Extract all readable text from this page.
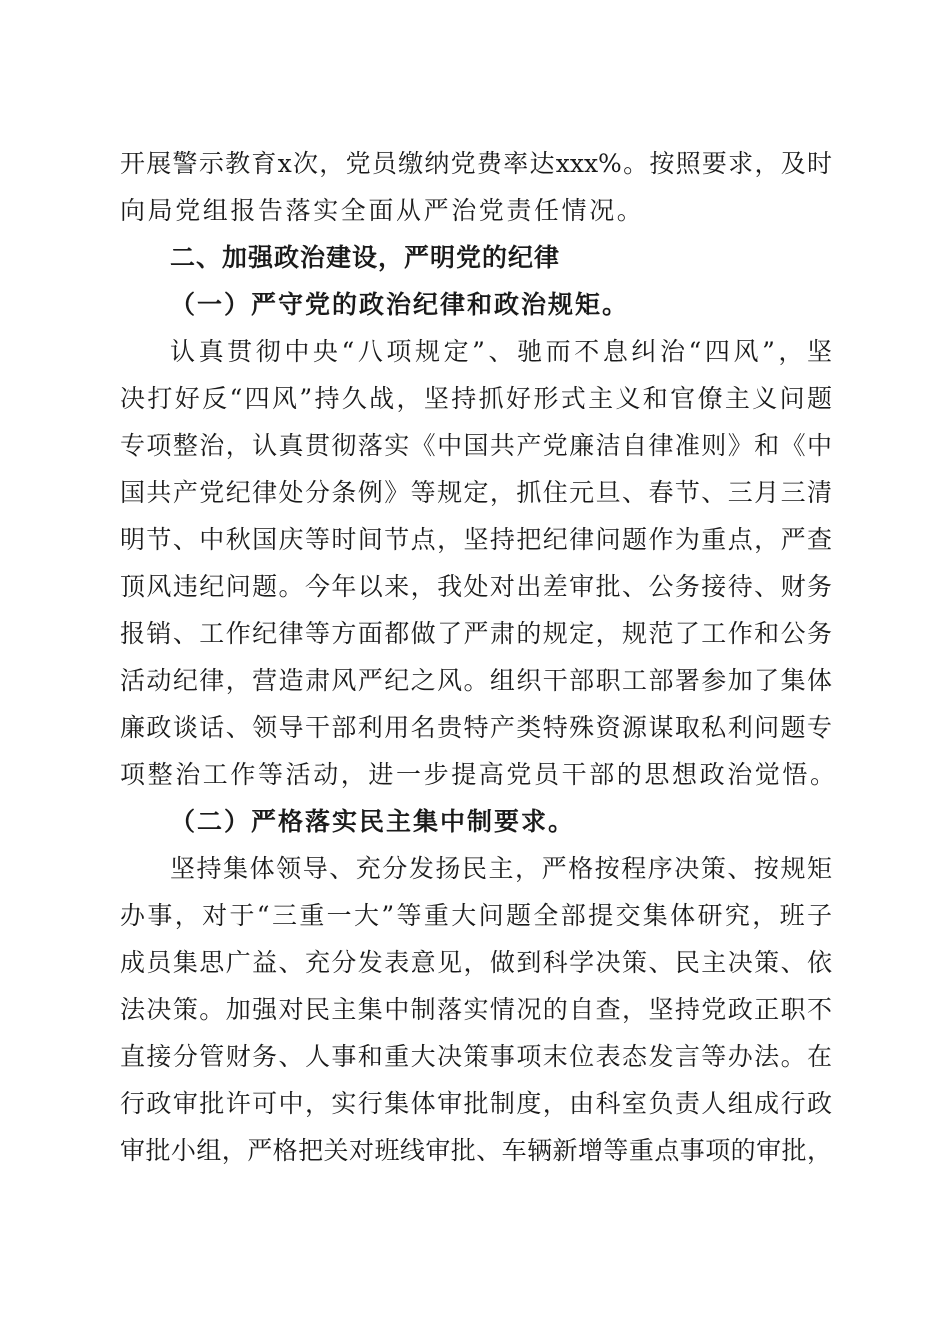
开展警示教育x次，党员缴纳党费率达xxx%。按照要求，及时
向局党组报告落实全面从严治党责任情况。
二、加强政治建设，严明党的纪律
（一）严守党的政治纪律和政治规矩。
认真贯彻中央“八项规定”、驰而不息纠治“四风”，坚
决打好反“四风”持久战，坚持抓好形式主义和官僚主义问题
专项整治，认真贯彻落实《中国共产党廉洁自律准则》和《中
国共产党纪律处分条例》等规定，抓住元旦、春节、三月三清
明节、中秋国庆等时间节点，坚持把纪律问题作为重点，严查
顶风违纪问题。今年以来，我处对出差审批、公务接待、财务
报销、工作纪律等方面都做了严肃的规定，规范了工作和公务
活动纪律，营造肃风严纪之风。组织干部职工部署参加了集体
廉政谈话、领导干部利用名贵特产类特殊资源谋取私利问题专
项整治工作等活动，进一步提高党员干部的思想政治觉悟。
（二）严格落实民主集中制要求。
坚持集体领导、充分发扬民主，严格按程序决策、按规矩
办事，对于“三重一大”等重大问题全部提交集体研究，班子
成员集思广益、充分发表意见，做到科学决策、民主决策、依
法决策。加强对民主集中制落实情况的自查，坚持党政正职不
直接分管财务、人事和重大决策事项末位表态发言等办法。在
行政审批许可中，实行集体审批制度，由科室负责人组成行政
审批小组，严格把关对班线审批、车辆新增等重点事项的审批，
